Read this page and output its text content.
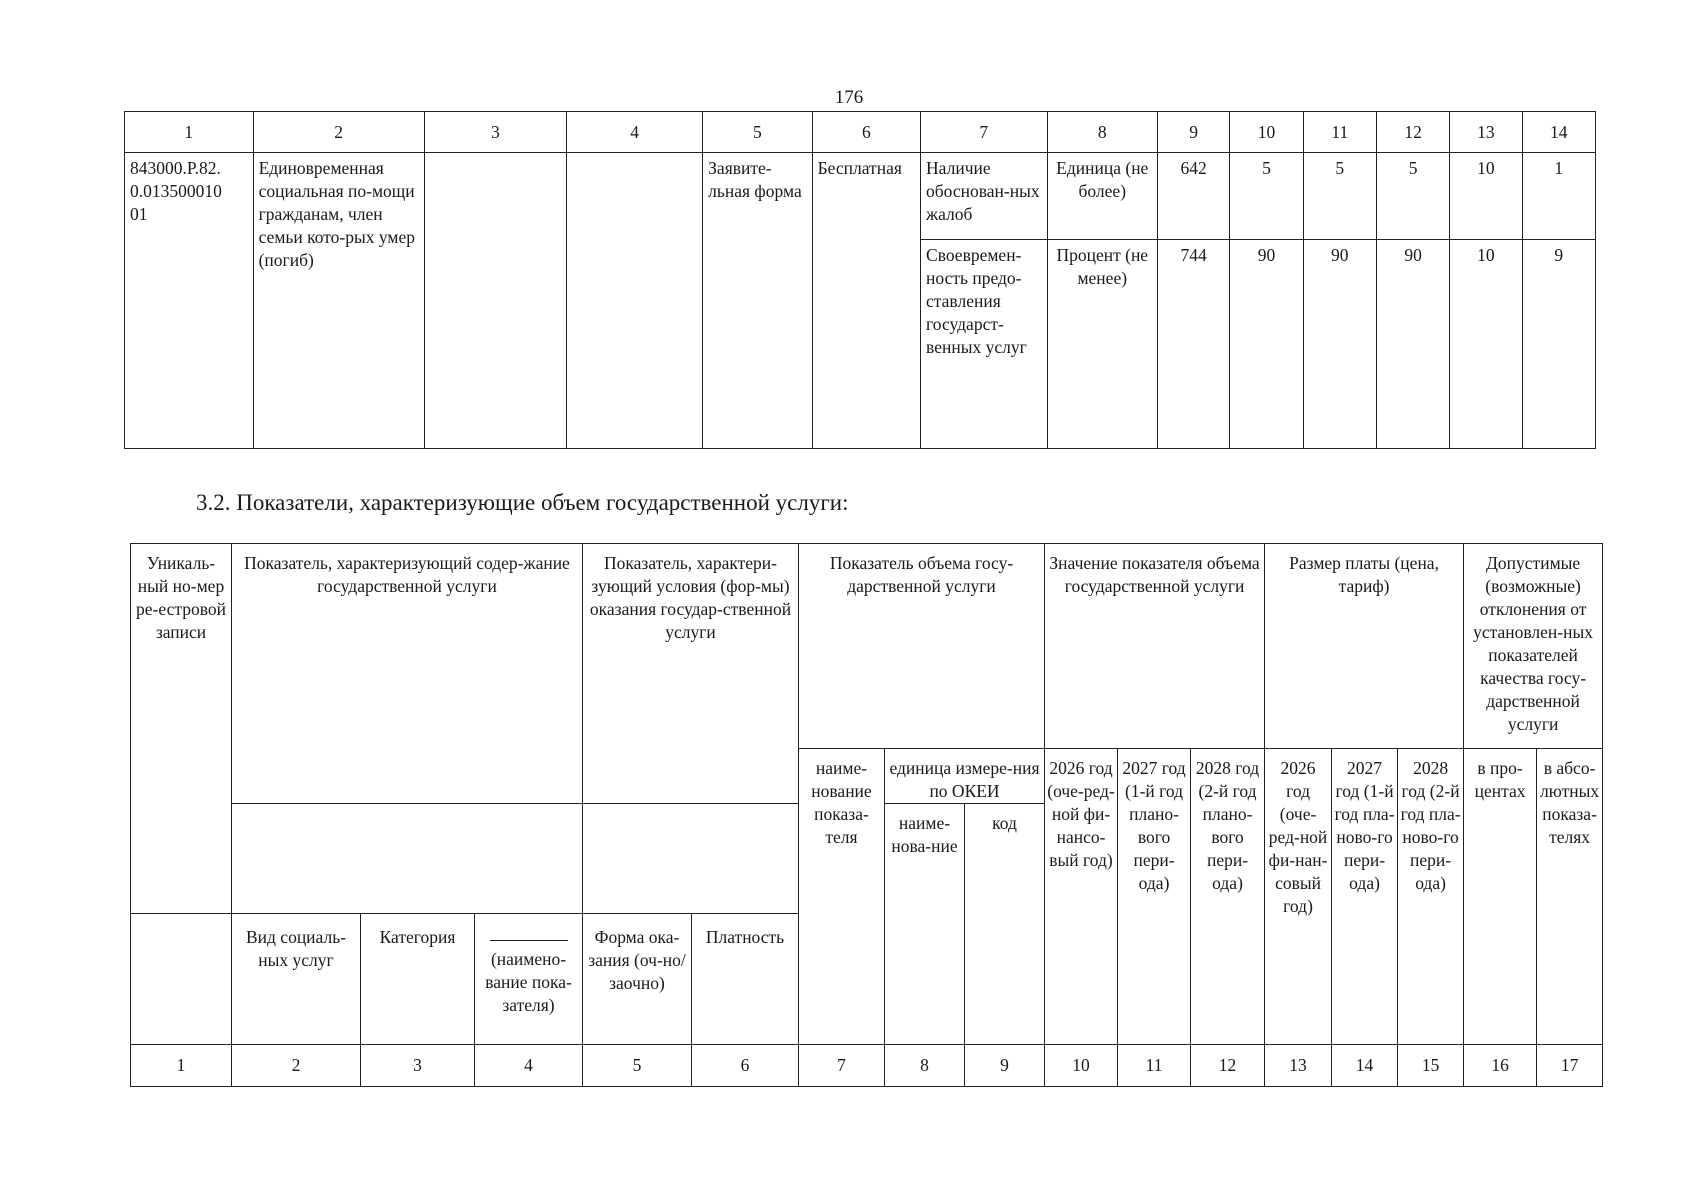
176
1	2	3	4	5	6	7	8	9	10	11	12	13	14
843000.P.82.
0.013500010
01	Единовременная социальная по-мощи гражданам, член семьи кото-рых умер (погиб)			Заявите-льная форма	Бесплатная	Наличие обоснован-ных жалоб	Единица (не более)	642	5	5	5	10	1
						Своевремен-ность предо-ставления государст-венных услуг	Процент (не менее)	744	90	90	90	10	9
3.2. Показатели, характеризующие объем государственной услуги:
Уникаль-ный но-мер ре-естровой записи	Показатель, характеризующий содер-жание государственной услуги			Показатель, характери-зующий условия (фор-мы) оказания государ-ственной услуги		Показатель объема госу-дарственной услуги			Значение показателя объема государственной услуги			Размер платы (цена, тариф)			Допустимые (возможные) отклонения от установлен-ных показателей качества госу-дарственной услуги	
						наиме-нование показа-теля	единица измере-ния по ОКЕИ		2026 год (оче-ред-ной фи-нансо-вый год)	2027 год (1-й год плано-вого пери-ода)	2028 год (2-й год плано-вого пери-ода)	2026 год (оче-ред-ной фи-нан-совый год)	2027 год (1-й год пла-ново-го пери-ода)	2028 год (2-й год пла-ново-го пери-ода)	в про-центах	в абсо-лютных показа-телях
							наиме-нова-ние	код								
	Вид социаль-ных услуг	Категория	(наимено-вание пока-зателя)	Форма ока-зания (оч-но/заочно)	Платность											
1	2	3	4	5	6	7	8	9	10	11	12	13	14	15	16	17
